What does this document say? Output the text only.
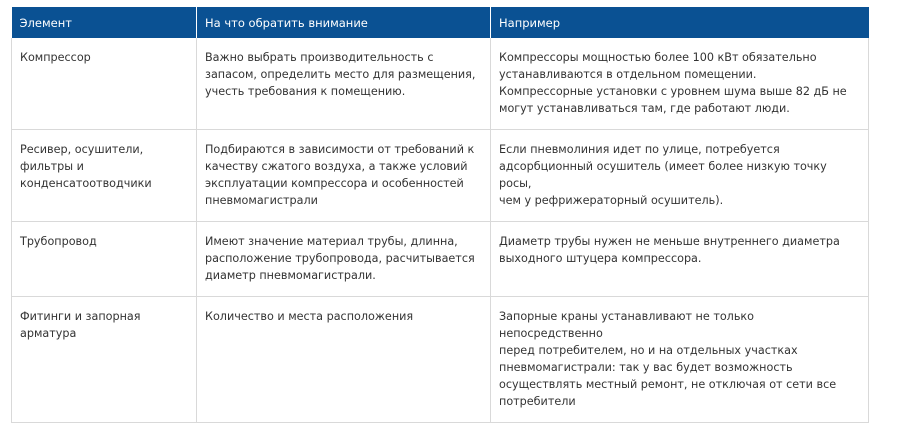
Элемент	На что обратить внимание	Например

Компрессор	Важно выбрать производительность с
запасом, определить место для размещения,
учесть требования к помещению.	Компрессоры мощностью более 100 кВт обязательно
устанавливаются в отдельном помещении.
Компрессорные установки с уровнем шума выше 82 дБ не
могут устанавливаться там, где работают люди.

Ресивер, осушители,
фильтры и
конденсатоотводчики	Подбираются в зависимости от требований к
качеству сжатого воздуха, а также условий
эксплуатации компрессора и особенностей
пневмомагистрали	Если пневмолиния идет по улице, потребуется
адсорбционный осушитель (имеет более низкую точку росы,
чем у рефрижераторный осушитель).

Трубопровод	Имеют значение материал трубы, длинна,
расположение трубопровода, расчитывается
диаметр пневмомагистрали.	Диаметр трубы нужен не меньше внутреннего диаметра
выходного штуцера компрессора.

Фитинги и запорная
арматура	Количество и места расположения	Запорные краны устанавливают не только непосредственно
перед потребителем, но и на отдельных участках
пневмомагистрали: так у вас будет возможность
осуществлять местный ремонт, не отключая от сети все
потребители
